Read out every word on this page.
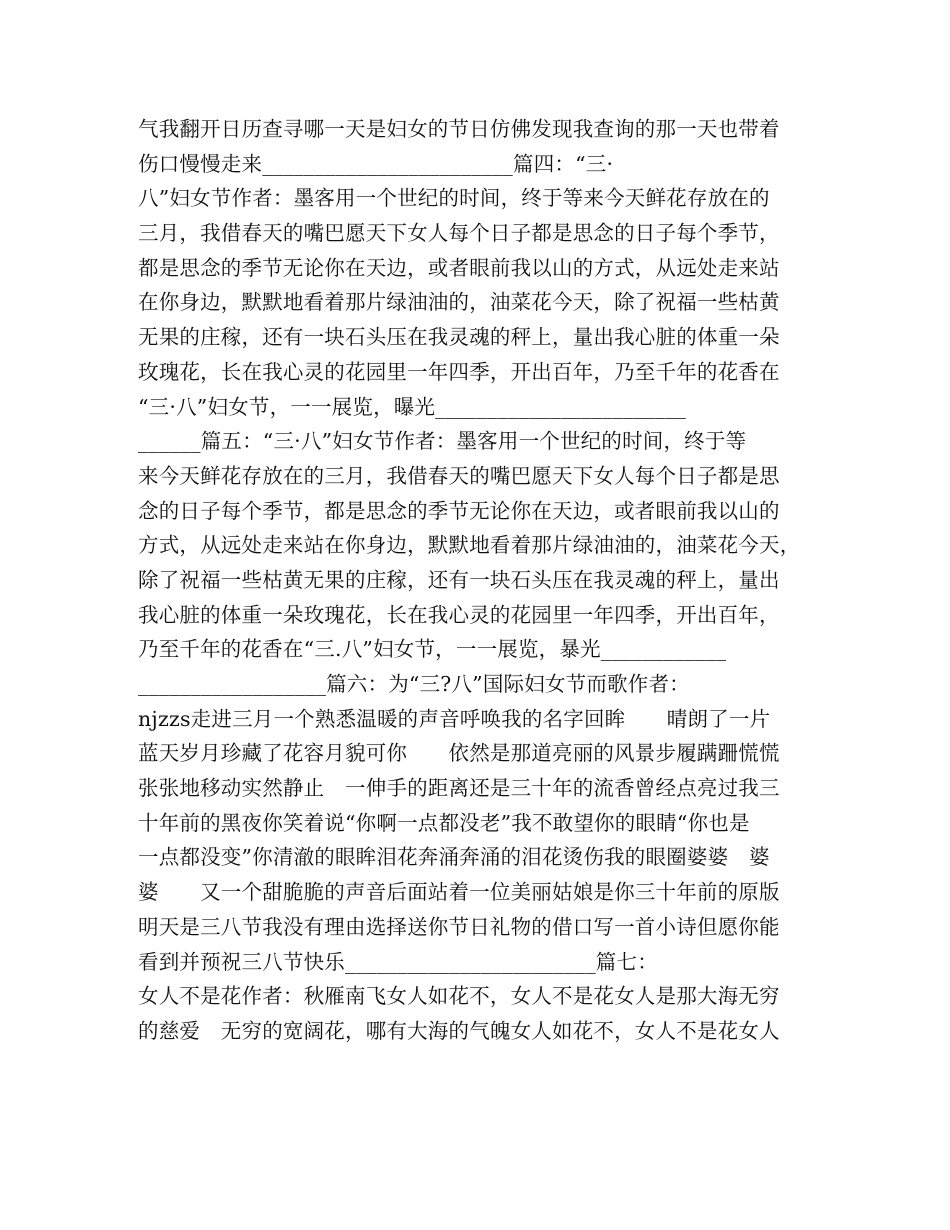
气我翻开日历查寻哪一天是妇女的节日仿佛发现我查询的那一天也带着
伤口慢慢走来________________________篇四：“三·
八”妇女节作者：墨客用一个世纪的时间，终于等来今天鲜花存放在的
三月，我借春天的嘴巴愿天下女人每个日子都是思念的日子每个季节，
都是思念的季节无论你在天边，或者眼前我以山的方式，从远处走来站
在你身边，默默地看着那片绿油油的，油菜花今天，除了祝福一些枯黄
无果的庄稼，还有一块石头压在我灵魂的秤上，量出我心脏的体重一朵
玫瑰花，长在我心灵的花园里一年四季，开出百年，乃至千年的花香在
“三·八”妇女节，一一展览，曝光________________________
______篇五：“三·八”妇女节作者：墨客用一个世纪的时间，终于等
来今天鲜花存放在的三月，我借春天的嘴巴愿天下女人每个日子都是思
念的日子每个季节，都是思念的季节无论你在天边，或者眼前我以山的
方式，从远处走来站在你身边，默默地看着那片绿油油的，油菜花今天，
除了祝福一些枯黄无果的庄稼，还有一块石头压在我灵魂的秤上，量出
我心脏的体重一朵玫瑰花，长在我心灵的花园里一年四季，开出百年，
乃至千年的花香在“三.八”妇女节，一一展览，暴光____________
__________________篇六：为“三?八”国际妇女节而歌作者：
njzzs走进三月一个熟悉温暖的声音呼唤我的名字回眸　　晴朗了一片
蓝天岁月珍藏了花容月貌可你　　依然是那道亮丽的风景步履蹒跚慌慌
张张地移动实然静止　一伸手的距离还是三十年的流香曾经点亮过我三
十年前的黑夜你笑着说“你啊一点都没老”我不敢望你的眼睛“你也是
一点都没变”你清澈的眼眸泪花奔涌奔涌的泪花烫伤我的眼圈婆婆　婆
婆　　又一个甜脆脆的声音后面站着一位美丽姑娘是你三十年前的原版
明天是三八节我没有理由选择送你节日礼物的借口写一首小诗但愿你能
看到并预祝三八节快乐________________________篇七：
女人不是花作者：秋雁南飞女人如花不，女人不是花女人是那大海无穷
的慈爱　无穷的宽阔花，哪有大海的气魄女人如花不，女人不是花女人
